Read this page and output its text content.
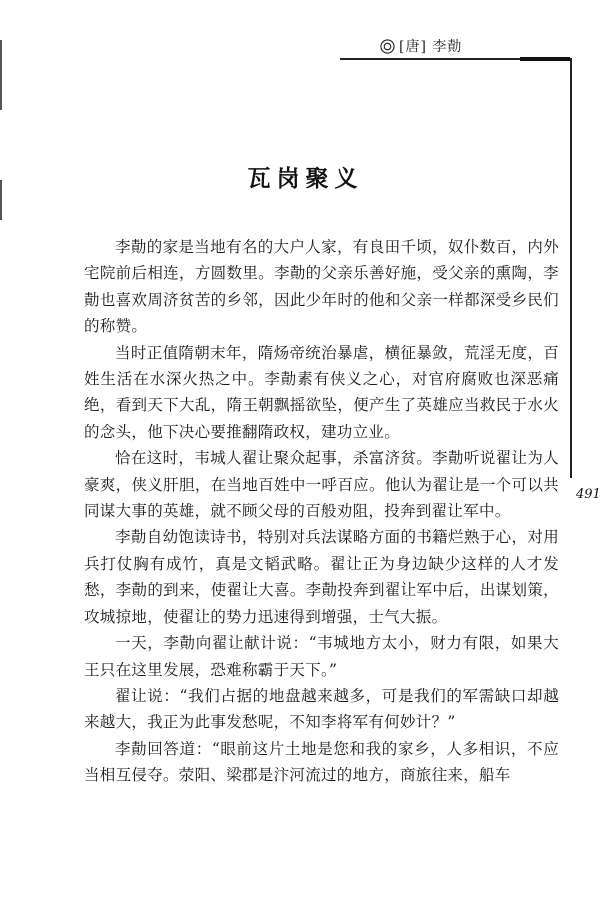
[唐] 李勣
491
瓦岗聚义

李勣的家是当地有名的大户人家，有良田千顷，奴仆数百，内外宅院前后相连，方圆数里。李勣的父亲乐善好施，受父亲的熏陶，李勣也喜欢周济贫苦的乡邻，因此少年时的他和父亲一样都深受乡民们的称赞。

当时正值隋朝末年，隋炀帝统治暴虐，横征暴敛，荒淫无度，百姓生活在水深火热之中。李勣素有侠义之心，对官府腐败也深恶痛绝，看到天下大乱，隋王朝飘摇欲坠，便产生了英雄应当救民于水火的念头，他下决心要推翻隋政权，建功立业。

恰在这时，韦城人翟让聚众起事，杀富济贫。李勣听说翟让为人豪爽，侠义肝胆，在当地百姓中一呼百应。他认为翟让是一个可以共同谋大事的英雄，就不顾父母的百般劝阻，投奔到翟让军中。

李勣自幼饱读诗书，特别对兵法谋略方面的书籍烂熟于心，对用兵打仗胸有成竹，真是文韬武略。翟让正为身边缺少这样的人才发愁，李勣的到来，使翟让大喜。李勣投奔到翟让军中后，出谋划策，攻城掠地，使翟让的势力迅速得到增强，士气大振。

一天，李勣向翟让献计说：“韦城地方太小，财力有限，如果大王只在这里发展，恐难称霸于天下。”

翟让说：“我们占据的地盘越来越多，可是我们的军需缺口却越来越大，我正为此事发愁呢，不知李将军有何妙计？”

李勣回答道：“眼前这片土地是您和我的家乡，人多相识，不应当相互侵夺。荥阳、梁郡是汴河流过的地方，商旅往来，船车
